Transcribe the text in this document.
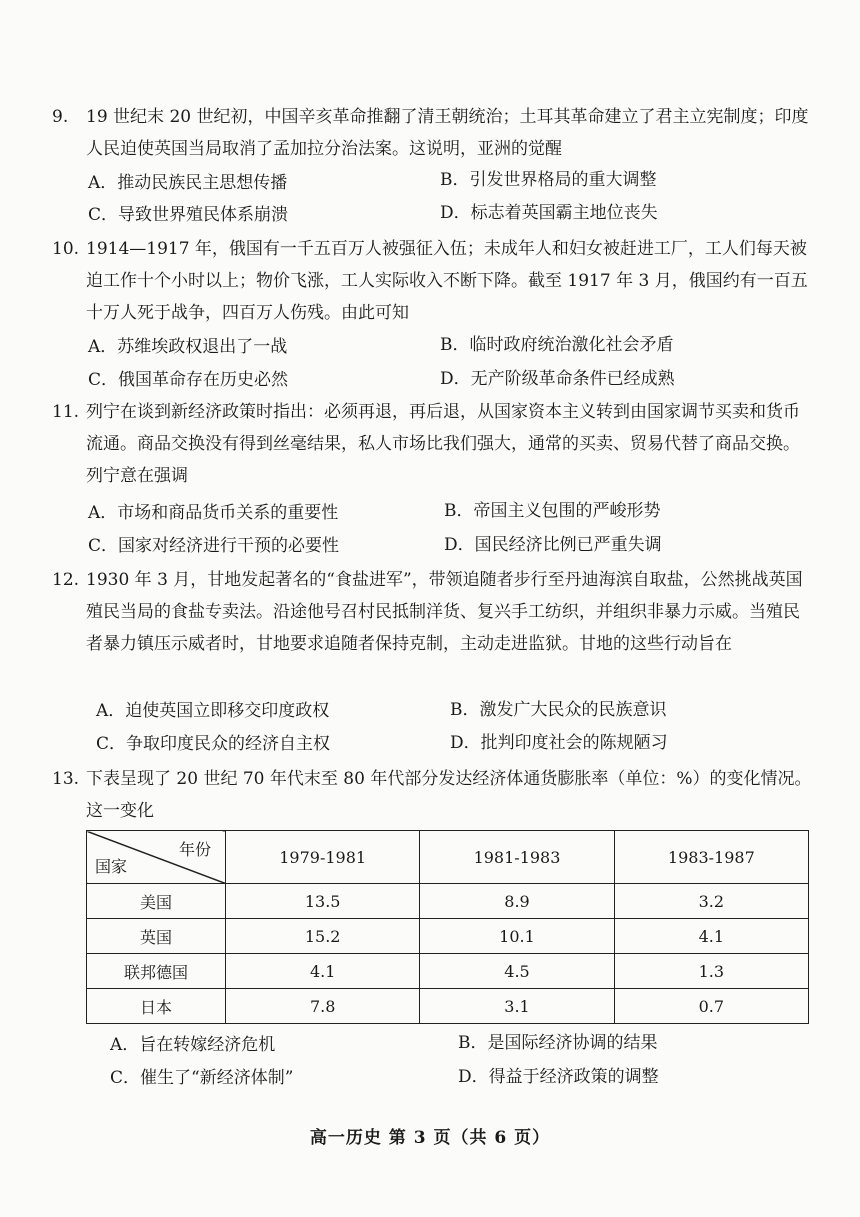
9. 19 世纪末 20 世纪初，中国辛亥革命推翻了清王朝统治；土耳其革命建立了君主立宪制度；印度人民迫使英国当局取消了孟加拉分治法案。这说明，亚洲的觉醒
A．推动民族民主思想传播	B．引发世界格局的重大调整
C．导致世界殖民体系崩溃	D．标志着英国霸主地位丧失
10. 1914—1917 年，俄国有一千五百万人被强征入伍；未成年人和妇女被赶进工厂，工人们每天被迫工作十个小时以上；物价飞涨，工人实际收入不断下降。截至 1917 年 3 月，俄国约有一百五十万人死于战争，四百万人伤残。由此可知
A．苏维埃政权退出了一战	B．临时政府统治激化社会矛盾
C．俄国革命存在历史必然	D．无产阶级革命条件已经成熟
11. 列宁在谈到新经济政策时指出：必须再退，再后退，从国家资本主义转到由国家调节买卖和货币流通。商品交换没有得到丝毫结果，私人市场比我们强大，通常的买卖、贸易代替了商品交换。列宁意在强调
A．市场和商品货币关系的重要性	B．帝国主义包围的严峻形势
C．国家对经济进行干预的必要性	D．国民经济比例已严重失调
12. 1930 年 3 月，甘地发起著名的“食盐进军”，带领追随者步行至丹迪海滨自取盐，公然挑战英国殖民当局的食盐专卖法。沿途他号召村民抵制洋货、复兴手工纺织，并组织非暴力示威。当殖民者暴力镇压示威者时，甘地要求追随者保持克制，主动走进监狱。甘地的这些行动旨在
A．迫使英国立即移交印度政权	B．激发广大民众的民族意识
C．争取印度民众的经济自主权	D．批判印度社会的陈规陋习
13. 下表呈现了 20 世纪 70 年代末至 80 年代部分发达经济体通货膨胀率（单位：%）的变化情况。这一变化
年份
国家	1979-1981	1981-1983	1983-1987
美国	13.5	8.9	3.2
英国	15.2	10.1	4.1
联邦德国	4.1	4.5	1.3
日本	7.8	3.1	0.7
A．旨在转嫁经济危机	B．是国际经济协调的结果
C．催生了“新经济体制”	D．得益于经济政策的调整
高一历史 第 3 页（共 6 页）
